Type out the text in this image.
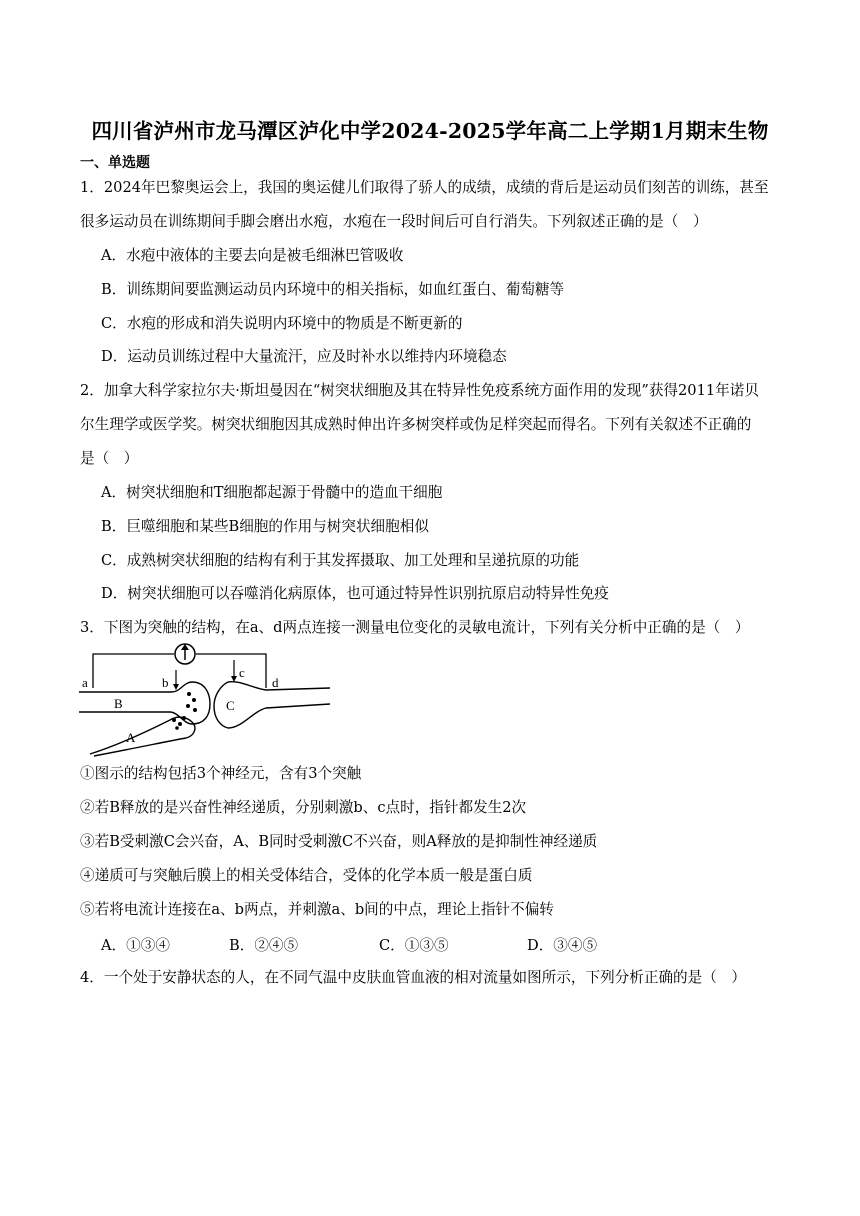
四川省泸州市龙马潭区泸化中学2024-2025学年高二上学期1月期末生物
一、单选题
1．2024年巴黎奥运会上，我国的奥运健儿们取得了骄人的成绩，成绩的背后是运动员们刻苦的训练，甚至
很多运动员在训练期间手脚会磨出水疱，水疱在一段时间后可自行消失。下列叙述正确的是（　）
A．水疱中液体的主要去向是被毛细淋巴管吸收
B．训练期间要监测运动员内环境中的相关指标，如血红蛋白、葡萄糖等
C．水疱的形成和消失说明内环境中的物质是不断更新的
D．运动员训练过程中大量流汗，应及时补水以维持内环境稳态
2．加拿大科学家拉尔夫·斯坦曼因在“树突状细胞及其在特异性免疫系统方面作用的发现”获得2011年诺贝
尔生理学或医学奖。树突状细胞因其成熟时伸出许多树突样或伪足样突起而得名。下列有关叙述不正确的
是（　）
A．树突状细胞和T细胞都起源于骨髓中的造血干细胞
B．巨噬细胞和某些B细胞的作用与树突状细胞相似
C．成熟树突状细胞的结构有利于其发挥摄取、加工处理和呈递抗原的功能
D．树突状细胞可以吞噬消化病原体，也可通过特异性识别抗原启动特异性免疫
3．下图为突触的结构，在a、d两点连接一测量电位变化的灵敏电流计，下列有关分析中正确的是（　）
a	b
c
d
B
A
C
①图示的结构包括3个神经元，含有3个突触
②若B释放的是兴奋性神经递质，分别刺激b、c点时，指针都发生2次
③若B受刺激C会兴奋，A、B同时受刺激C不兴奋，则A释放的是抑制性神经递质
④递质可与突触后膜上的相关受体结合，受体的化学本质一般是蛋白质
⑤若将电流计连接在a、b两点，并刺激a、b间的中点，理论上指针不偏转
A．①③④	B．②④⑤	C．①③⑤	D．③④⑤
4．一个处于安静状态的人，在不同气温中皮肤血管血液的相对流量如图所示，下列分析正确的是（　）
